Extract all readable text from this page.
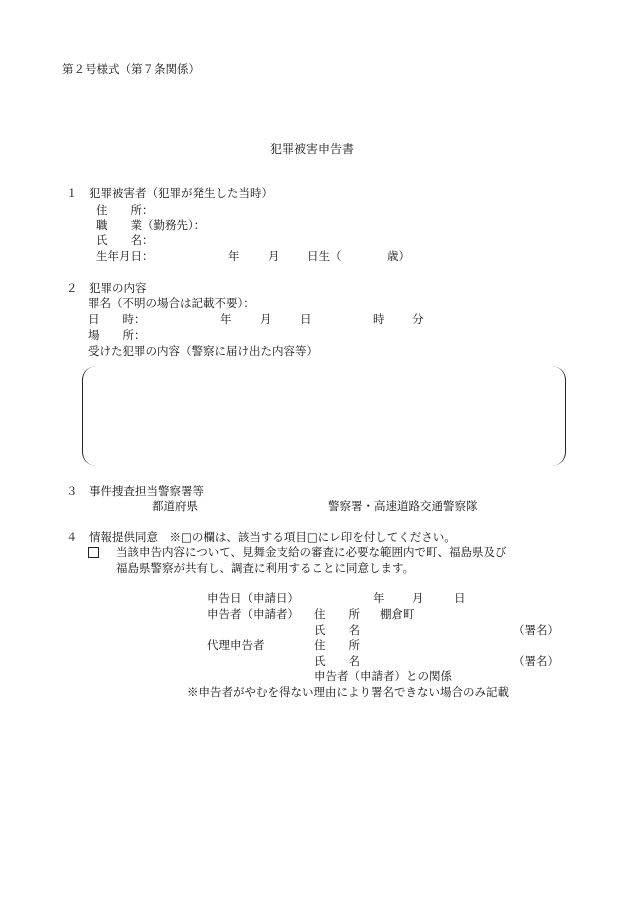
第２号様式（第７条関係）
犯罪被害申告書
１　犯罪被害者（犯罪が発生した当時）
住　　所：
職　　業（勤務先）：
氏　　名：
生年月日：	年 月 日生（	歳）
２　犯罪の内容
罪名（不明の場合は記載不要）：
日　　時：	年 月 日	時 分
場　　所：
受けた犯罪の内容（警察に届け出た内容等）
３　事件捜査担当警察署等
都道府県	警察署・高速道路交通警察隊
４　情報提供同意　※□の欄は、該当する項目□にレ印を付してください。
当該申告内容について、見舞金支給の審査に必要な範囲内で町、福島県及び
福島県警察が共有し、調査に利用することに同意します。
申告日（申請日）	年 月	日
申告者（申請者） 住　　所 棚倉町
氏　　名	（署名）
代理申告者	住　　所
氏　　名	（署名）
申告者（申請者）との関係
※申告者がやむを得ない理由により署名できない場合のみ記載
